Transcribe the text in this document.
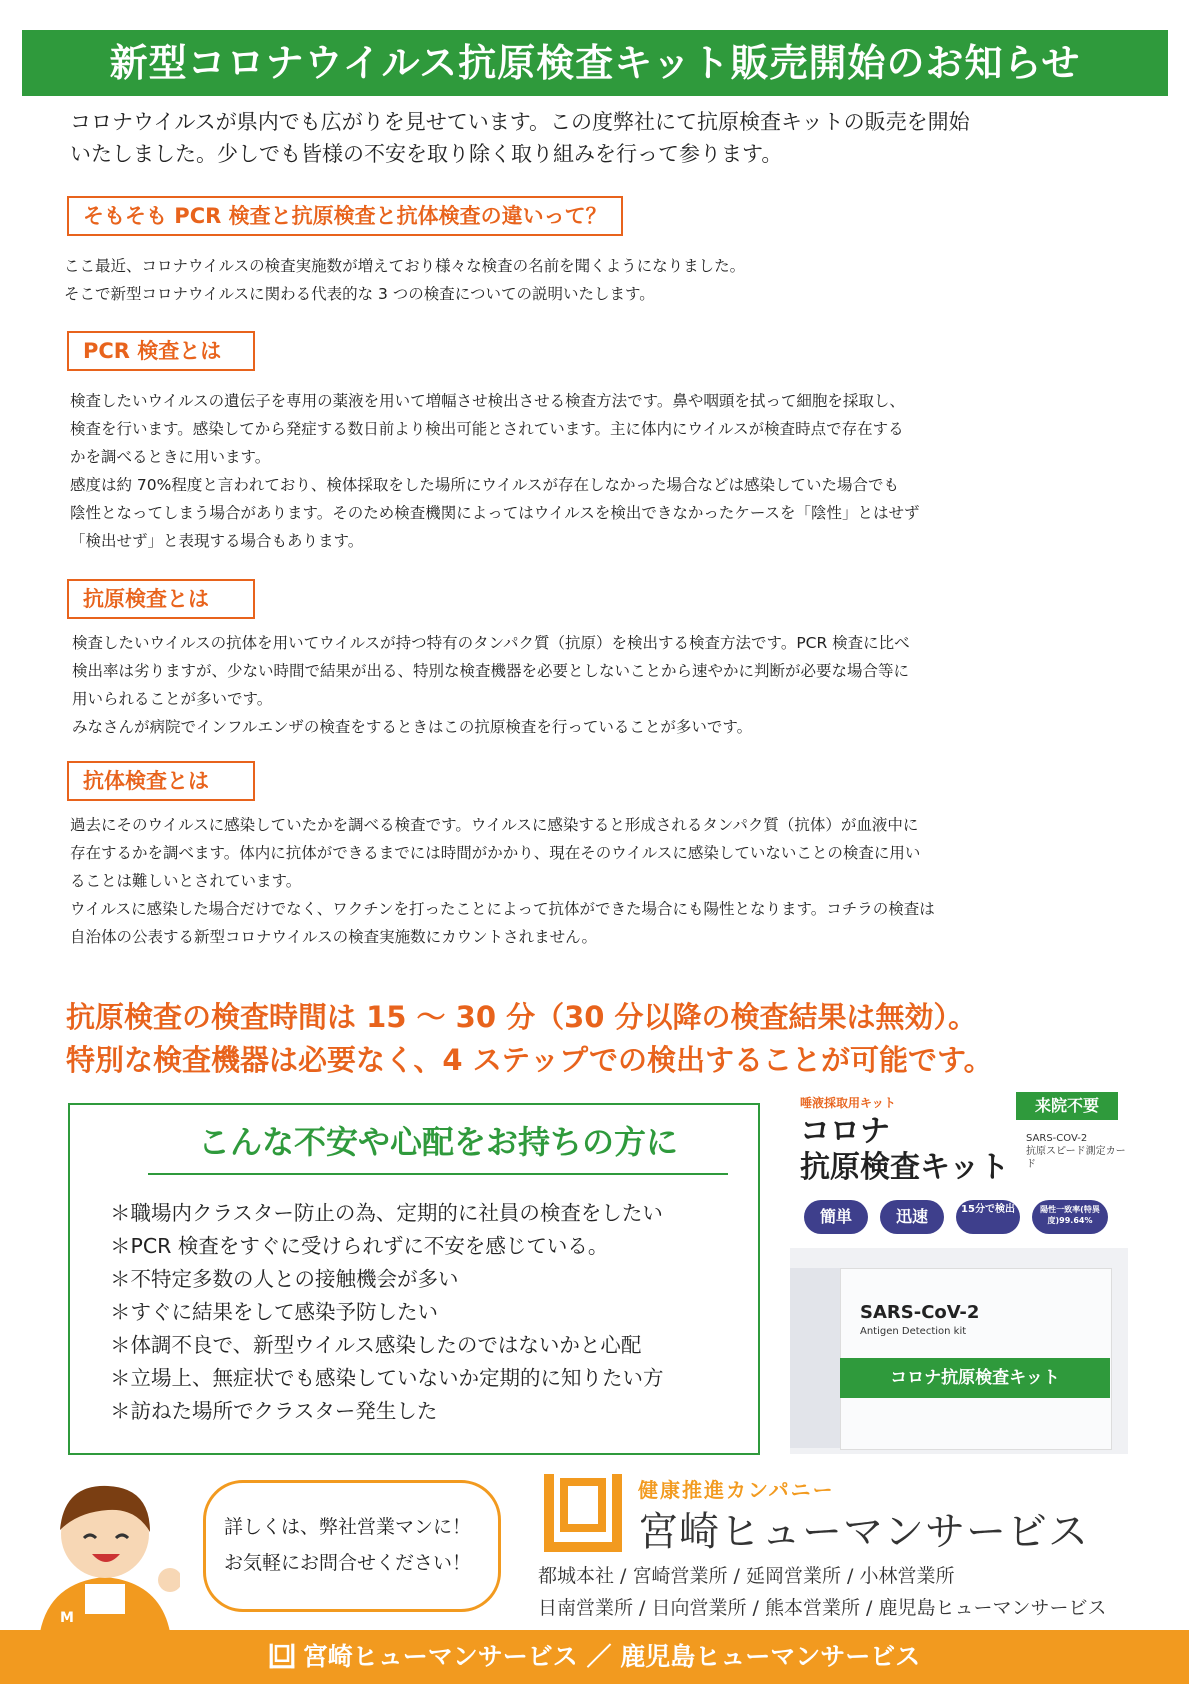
新型コロナウイルス抗原検査キット販売開始のお知らせ
コロナウイルスが県内でも広がりを見せています。この度弊社にて抗原検査キットの販売を開始
いたしました。少しでも皆様の不安を取り除く取り組みを行って参ります。
そもそも PCR 検査と抗原検査と抗体検査の違いって？

ここ最近、コロナウイルスの検査実施数が増えており様々な検査の名前を聞くようになりました。

そこで新型コロナウイルスに関わる代表的な 3 つの検査についての説明いたします。

PCR 検査とは

検査したいウイルスの遺伝子を専用の薬液を用いて増幅させ検出させる検査方法です。鼻や咽頭を拭って細胞を採取し、

検査を行います。感染してから発症する数日前より検出可能とされています。主に体内にウイルスが検査時点で存在する

かを調べるときに用います。

感度は約 70%程度と言われており、検体採取をした場所にウイルスが存在しなかった場合などは感染していた場合でも

陰性となってしまう場合があります。そのため検査機関によってはウイルスを検出できなかったケースを「陰性」とはせず

「検出せず」と表現する場合もあります。

抗原検査とは

検査したいウイルスの抗体を用いてウイルスが持つ特有のタンパク質（抗原）を検出する検査方法です。PCR 検査に比べ

検出率は劣りますが、少ない時間で結果が出る、特別な検査機器を必要としないことから速やかに判断が必要な場合等に

用いられることが多いです。

みなさんが病院でインフルエンザの検査をするときはこの抗原検査を行っていることが多いです。

抗体検査とは

過去にそのウイルスに感染していたかを調べる検査です。ウイルスに感染すると形成されるタンパク質（抗体）が血液中に

存在するかを調べます。体内に抗体ができるまでには時間がかかり、現在そのウイルスに感染していないことの検査に用い

ることは難しいとされています。

ウイルスに感染した場合だけでなく、ワクチンを打ったことによって抗体ができた場合にも陽性となります。コチラの検査は

自治体の公表する新型コロナウイルスの検査実施数にカウントされません。

抗原検査の検査時間は 15 ～ 30 分（30 分以降の検査結果は無効）。
特別な検査機器は必要なく、4 ステップでの検出することが可能です。
こんな不安や心配をお持ちの方に
＊職場内クラスター防止の為、定期的に社員の検査をしたい
＊PCR 検査をすぐに受けられずに不安を感じている。
＊不特定多数の人との接触機会が多い
＊すぐに結果をして感染予防したい
＊体調不良で、新型ウイルス感染したのではないかと心配
＊立場上、無症状でも感染していないか定期的に知りたい方
＊訪ねた場所でクラスター発生した
唾液採取用キット
コロナ
抗原検査キット
来院不要
SARS-COV-2
抗原スピード測定カード
簡単	迅速	15分で検出	陽性一致率(特異度)99.64%
SARS-CoV-2
Antigen Detection kit
コロナ抗原検査キット
M
詳しくは、弊社営業マンに！
お気軽にお問合せください！
健康推進カンパニー
宮崎ヒューマンサービス
都城本社 / 宮崎営業所 / 延岡営業所 / 小林営業所
日南営業所 / 日向営業所 / 熊本営業所 / 鹿児島ヒューマンサービス
宮崎ヒューマンサービス ／ 鹿児島ヒューマンサービス
